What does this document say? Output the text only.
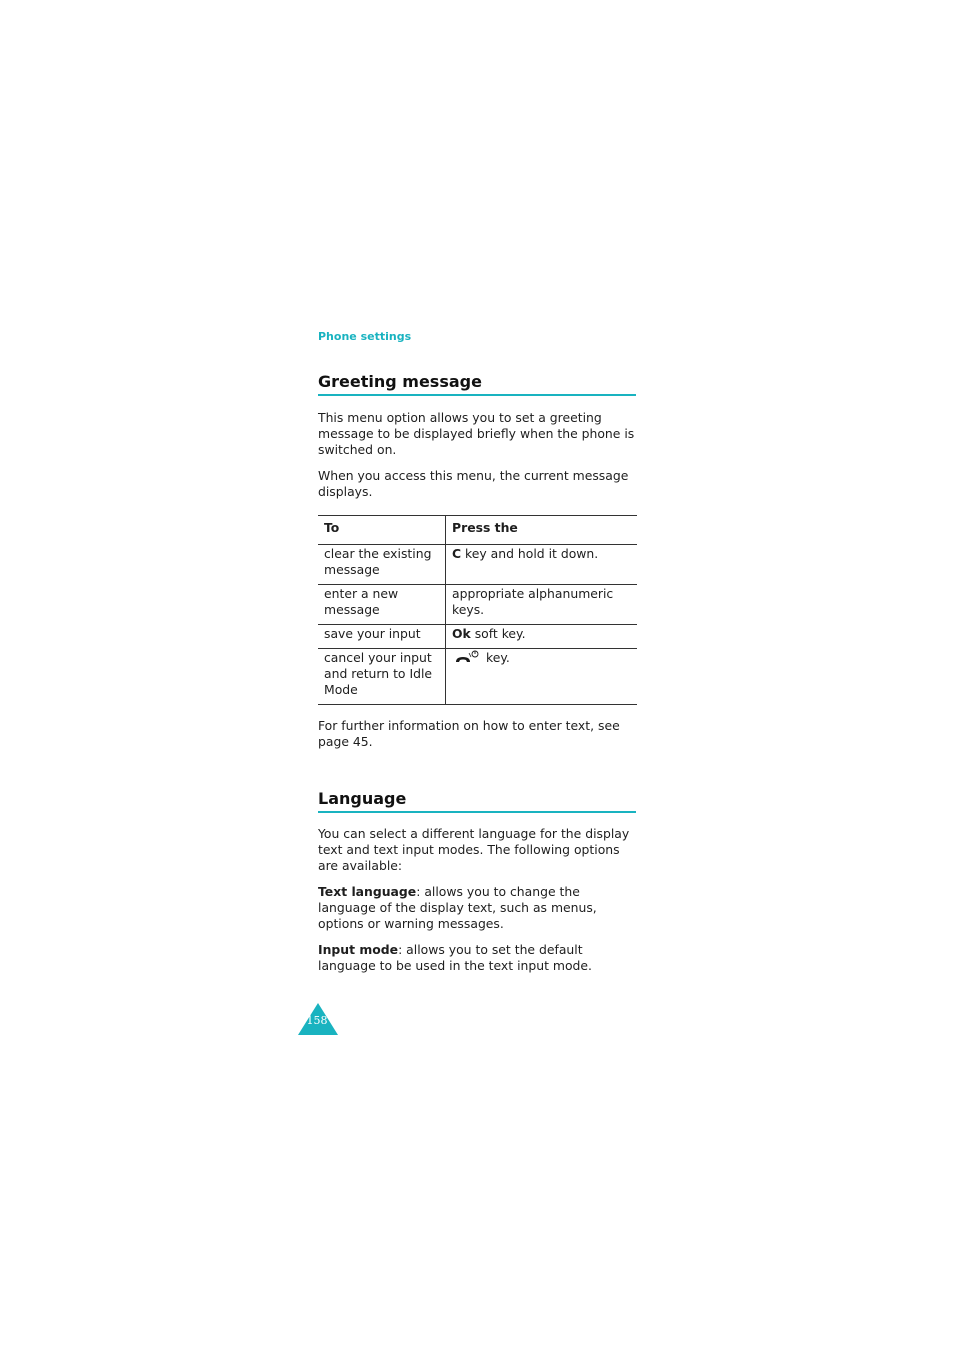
Phone settings
Greeting message

This menu option allows you to set a greeting message to be displayed briefly when the phone is switched on.

When you access this menu, the current message displays.

To	Press the
clear the existing message	C key and hold it down.
enter a new message	appropriate alphanumeric keys.
save your input	Ok soft key.
cancel your input and return to Idle Mode	key.

For further information on how to enter text, see page 45.

Language

You can select a different language for the display text and text input modes. The following options are available:

Text language: allows you to change the language of the display text, such as menus, options or warning messages.

Input mode: allows you to set the default language to be used in the text input mode.

158
